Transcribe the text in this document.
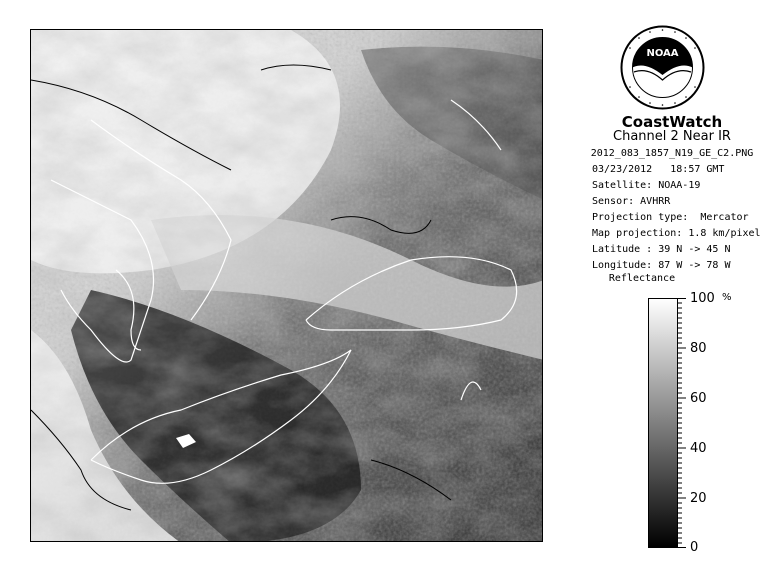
NOAA
CoastWatch
Channel 2 Near IR
2012_083_1857_N19_GE_C2.PNG
03/23/2012   18:57 GMT
Satellite: NOAA-19
Sensor: AVHRR
Projection type:  Mercator
Map projection: 1.8 km/pixel
Latitude : 39 N -> 45 N
Longitude: 87 W -> 78 W
Reflectance
%
100
80
60
40
20
0
